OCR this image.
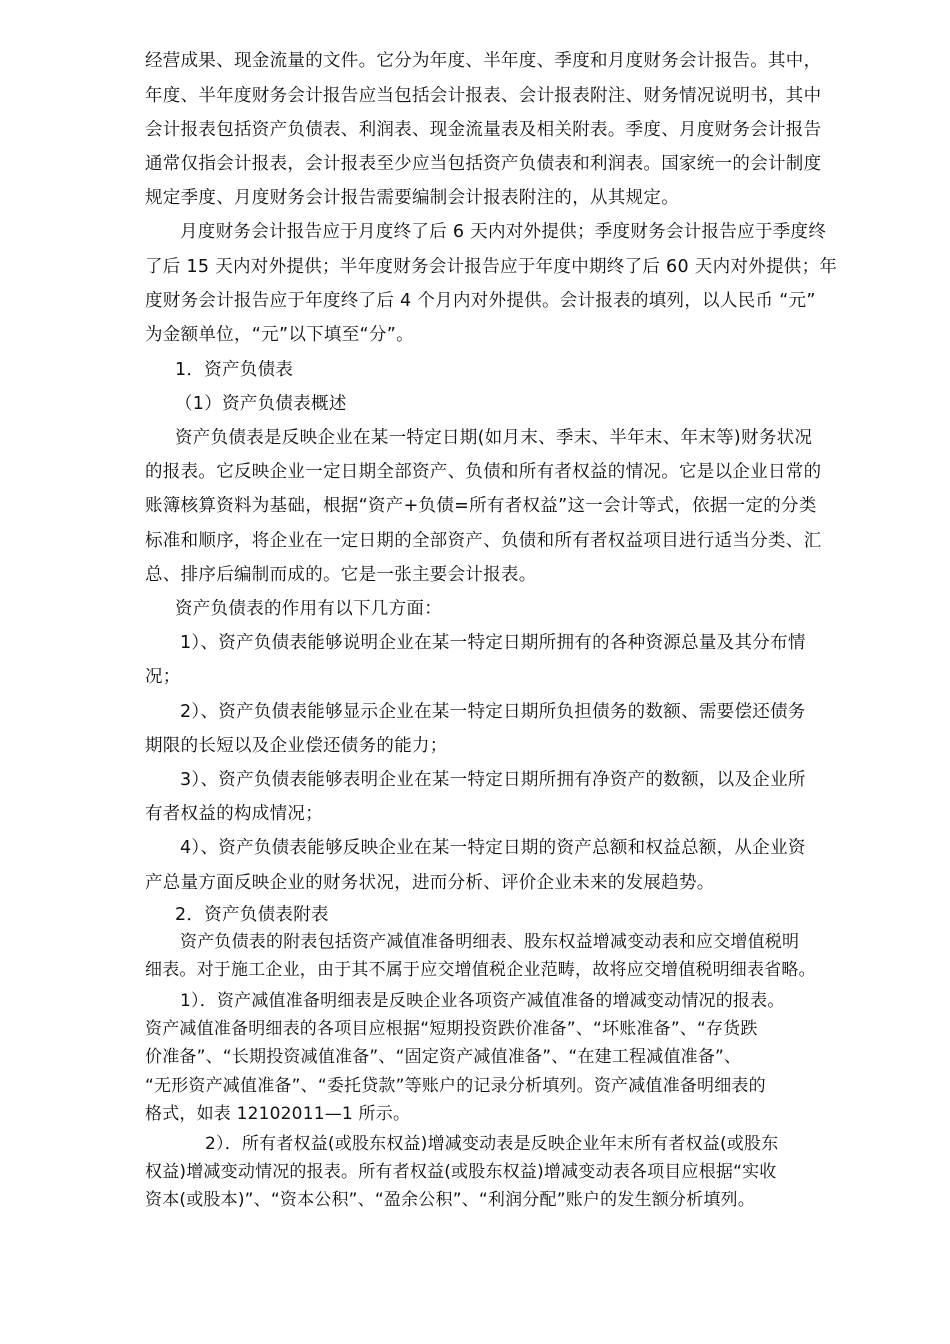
经营成果、现金流量的文件。它分为年度、半年度、季度和月度财务会计报告。其中，
年度、半年度财务会计报告应当包括会计报表、会计报表附注、财务情况说明书，其中
会计报表包括资产负债表、利润表、现金流量表及相关附表。季度、月度财务会计报告
通常仅指会计报表，会计报表至少应当包括资产负债表和利润表。国家统一的会计制度
规定季度、月度财务会计报告需要编制会计报表附注的，从其规定。
月度财务会计报告应于月度终了后 6 天内对外提供；季度财务会计报告应于季度终
了后 15 天内对外提供；半年度财务会计报告应于年度中期终了后 60 天内对外提供；年
度财务会计报告应于年度终了后 4 个月内对外提供。会计报表的填列，以人民币 “元”
为金额单位，“元”以下填至“分”。
1．资产负债表
（1）资产负债表概述
资产负债表是反映企业在某一特定日期(如月末、季末、半年末、年末等)财务状况
的报表。它反映企业一定日期全部资产、负债和所有者权益的情况。它是以企业日常的
账簿核算资料为基础，根据“资产+负债=所有者权益”这一会计等式，依据一定的分类
标准和顺序，将企业在一定日期的全部资产、负债和所有者权益项目进行适当分类、汇
总、排序后编制而成的。它是一张主要会计报表。
资产负债表的作用有以下几方面：
1）、资产负债表能够说明企业在某一特定日期所拥有的各种资源总量及其分布情
况；
2）、资产负债表能够显示企业在某一特定日期所负担债务的数额、需要偿还债务
期限的长短以及企业偿还债务的能力；
3）、资产负债表能够表明企业在某一特定日期所拥有净资产的数额，以及企业所
有者权益的构成情况；
4）、资产负债表能够反映企业在某一特定日期的资产总额和权益总额，从企业资
产总量方面反映企业的财务状况，进而分析、评价企业未来的发展趋势。
2．资产负债表附表
资产负债表的附表包括资产减值准备明细表、股东权益增减变动表和应交增值税明
细表。对于施工企业，由于其不属于应交增值税企业范畴，故将应交增值税明细表省略。
1）．资产减值准备明细表是反映企业各项资产减值准备的增减变动情况的报表。
资产减值准备明细表的各项目应根据“短期投资跌价准备”、“坏账准备”、“存货跌
价准备”、“长期投资减值准备”、“固定资产减值准备”、“在建工程减值准备”、
“无形资产减值准备”、“委托贷款”等账户的记录分析填列。资产减值准备明细表的
格式，如表 12102011—1 所示。
2）．所有者权益(或股东权益)增减变动表是反映企业年末所有者权益(或股东
权益)增减变动情况的报表。所有者权益(或股东权益)增减变动表各项目应根据“实收
资本(或股本)”、“资本公积”、“盈余公积”、“利润分配”账户的发生额分析填列。
